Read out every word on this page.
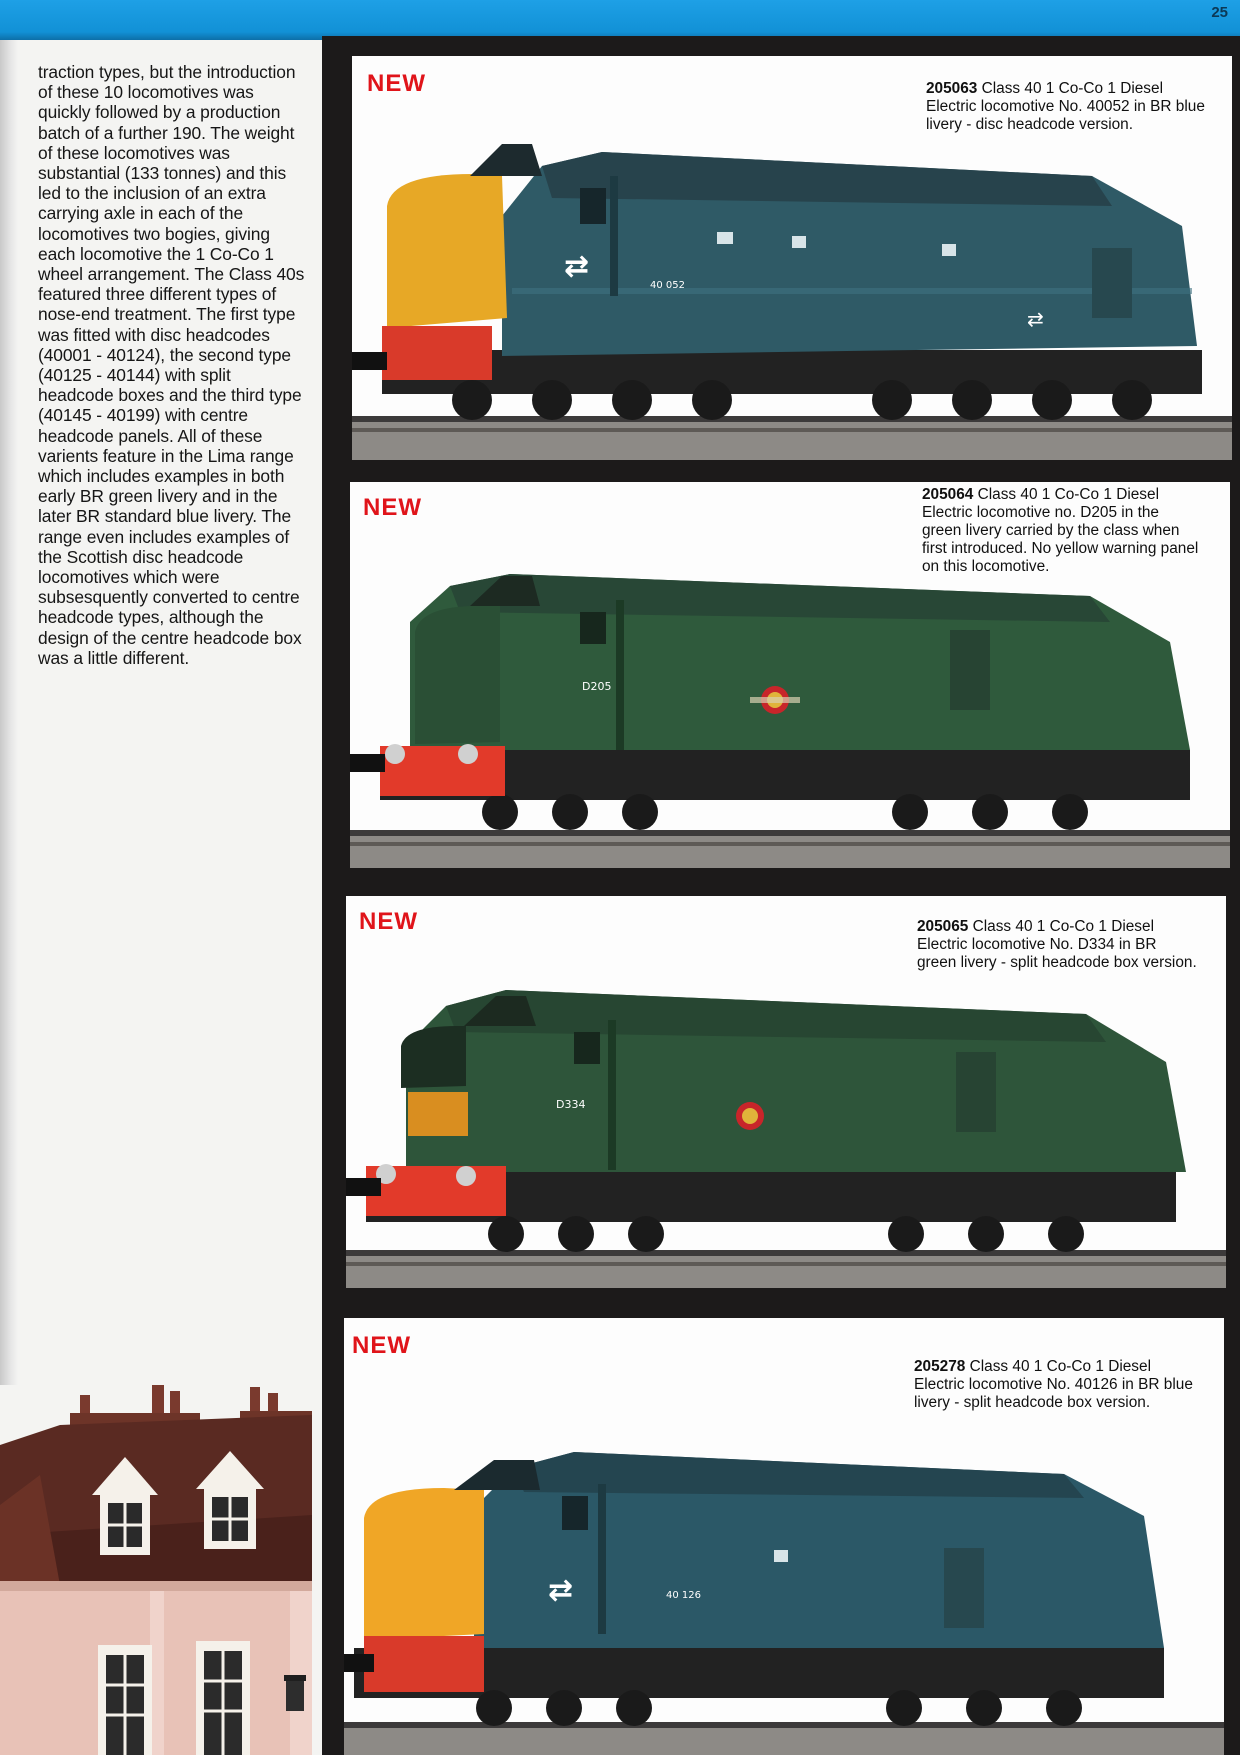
25
traction types, but the introduction of these 10 locomotives was quickly followed by a production batch of a further 190. The weight of these locomotives was substantial (133 tonnes) and this led to the inclusion of an extra carrying axle in each of the locomotives two bogies, giving each locomotive the 1 Co-Co 1 wheel arrangement. The Class 40s featured three different types of nose-end treatment. The first type was fitted with disc headcodes (40001 - 40124), the second type (40125 - 40144) with split headcode boxes and the third type (40145 - 40199) with centre headcode panels. All of these varients feature in the Lima range which includes examples in both early BR green livery and in the later BR standard blue livery. The range even includes examples of the Scottish disc headcode locomotives which were subsesquently converted to centre headcode types, although the design of the centre headcode box was a little different.
NEW	205063 Class 40 1 Co-Co 1 Diesel Electric locomotive No. 40052 in BR blue livery - disc headcode version.
⇄
⇄
40 052
NEW	205064 Class 40 1 Co-Co 1 Diesel Electric locomotive no. D205 in the green livery carried by the class when first introduced. No yellow warning panel on this locomotive.
D205
NEW	205065 Class 40 1 Co-Co 1 Diesel Electric locomotive No. D334 in BR green livery - split headcode box version.
D334
NEW
205278 Class 40 1 Co-Co 1 Diesel Electric locomotive No. 40126 in BR blue livery - split headcode box version.
⇄	40 126
